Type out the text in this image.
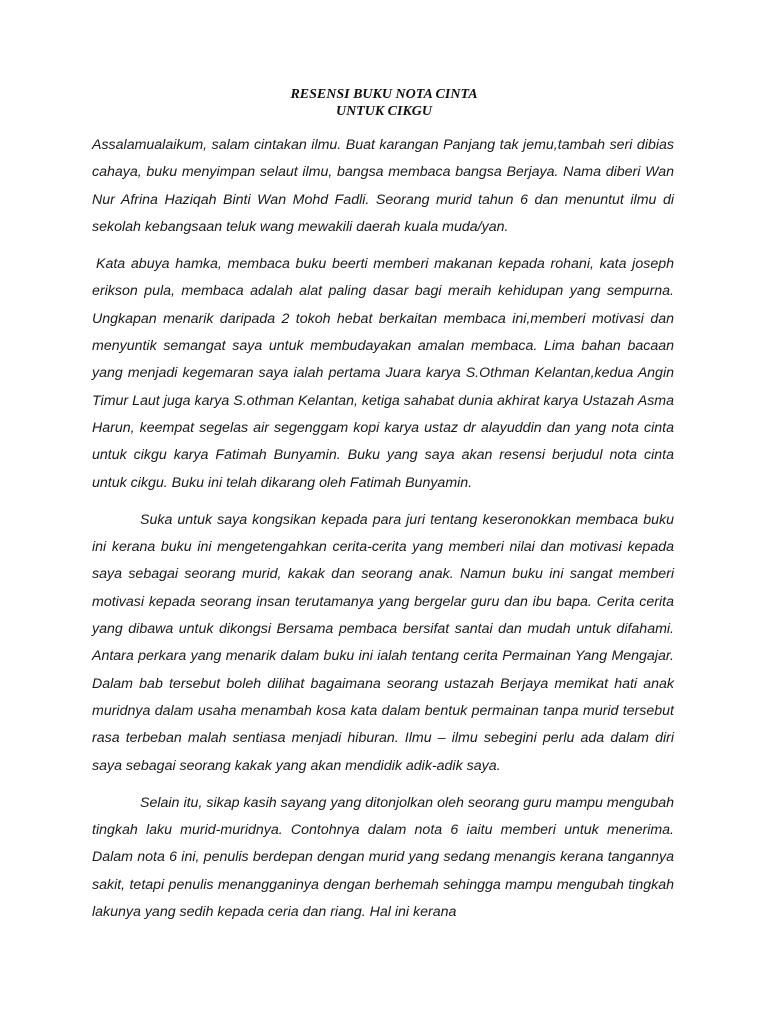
RESENSI BUKU NOTA CINTA
UNTUK CIKGU

Assalamualaikum, salam cintakan ilmu. Buat karangan Panjang tak jemu,tambah seri dibias cahaya, buku menyimpan selaut ilmu, bangsa membaca bangsa Berjaya. Nama diberi Wan Nur Afrina Haziqah Binti Wan Mohd Fadli. Seorang murid tahun 6 dan menuntut ilmu di sekolah kebangsaan teluk wang mewakili daerah kuala muda/yan.

Kata abuya hamka, membaca buku beerti memberi makanan kepada rohani, kata joseph erikson pula, membaca adalah alat paling dasar bagi meraih kehidupan yang sempurna. Ungkapan menarik daripada 2 tokoh hebat berkaitan membaca ini,memberi motivasi dan menyuntik semangat saya untuk membudayakan amalan membaca. Lima bahan bacaan yang menjadi kegemaran saya ialah pertama Juara karya S.Othman Kelantan,kedua Angin Timur Laut juga karya S.othman Kelantan, ketiga sahabat dunia akhirat karya Ustazah Asma Harun, keempat segelas air segenggam kopi karya ustaz dr alayuddin dan yang nota cinta untuk cikgu karya Fatimah Bunyamin. Buku yang saya akan resensi berjudul nota cinta untuk cikgu. Buku ini telah dikarang oleh Fatimah Bunyamin.

Suka untuk saya kongsikan kepada para juri tentang keseronokkan membaca buku ini kerana buku ini mengetengahkan cerita-cerita yang memberi nilai dan motivasi kepada saya sebagai seorang murid, kakak dan seorang anak. Namun buku ini sangat memberi motivasi kepada seorang insan terutamanya yang bergelar guru dan ibu bapa. Cerita cerita yang dibawa untuk dikongsi Bersama pembaca bersifat santai dan mudah untuk difahami. Antara perkara yang menarik dalam buku ini ialah tentang cerita Permainan Yang Mengajar. Dalam bab tersebut boleh dilihat bagaimana seorang ustazah Berjaya memikat hati anak muridnya dalam usaha menambah kosa kata dalam bentuk permainan tanpa murid tersebut rasa terbeban malah sentiasa menjadi hiburan. Ilmu – ilmu sebegini perlu ada dalam diri saya sebagai seorang kakak yang akan mendidik adik-adik saya.

Selain itu, sikap kasih sayang yang ditonjolkan oleh seorang guru mampu mengubah tingkah laku murid-muridnya. Contohnya dalam nota 6 iaitu memberi untuk menerima. Dalam nota 6 ini, penulis berdepan dengan murid yang sedang menangis kerana tangannya sakit, tetapi penulis menangganinya dengan berhemah sehingga mampu mengubah tingkah lakunya yang sedih kepada ceria dan riang. Hal ini kerana
